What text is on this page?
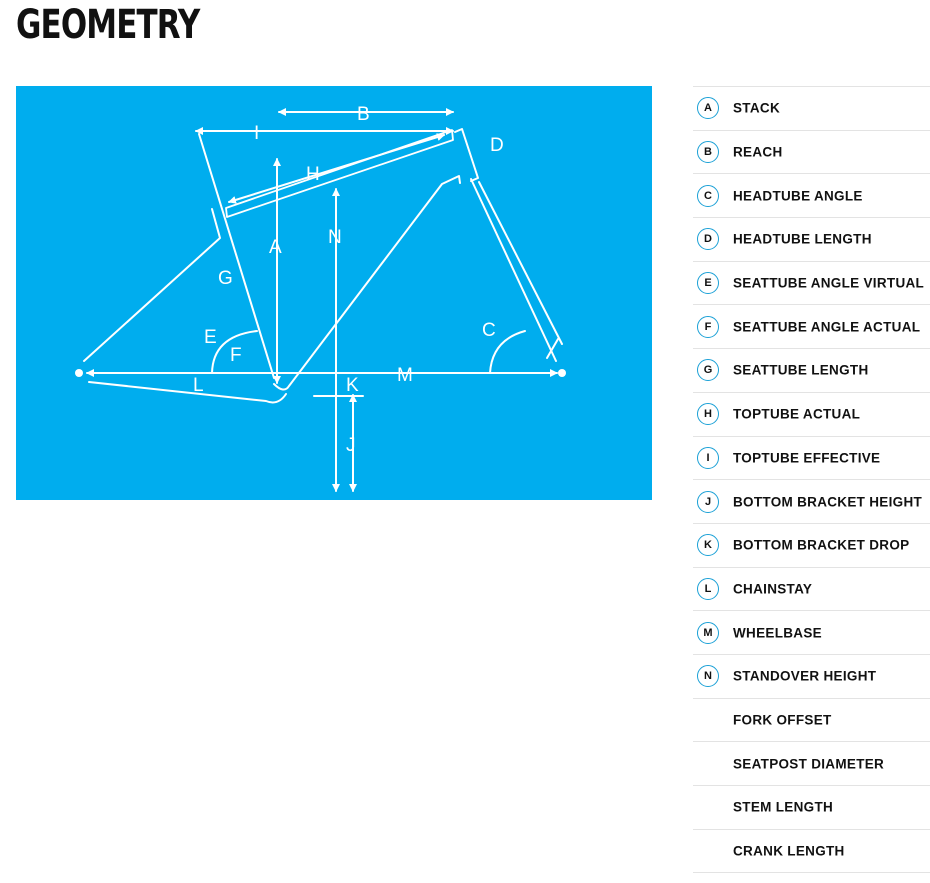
GEOMETRY
B
I
D
H
A N
G
E
F
C
L	K M
J
A	STACK
B	REACH
C	HEADTUBE ANGLE
D	HEADTUBE LENGTH
E	SEATTUBE ANGLE VIRTUAL
F	SEATTUBE ANGLE ACTUAL
G	SEATTUBE LENGTH
H	TOPTUBE ACTUAL
I	TOPTUBE EFFECTIVE
J	BOTTOM BRACKET HEIGHT
K	BOTTOM BRACKET DROP
L	CHAINSTAY
M	WHEELBASE
N	STANDOVER HEIGHT
FORK OFFSET
SEATPOST DIAMETER
STEM LENGTH
CRANK LENGTH
